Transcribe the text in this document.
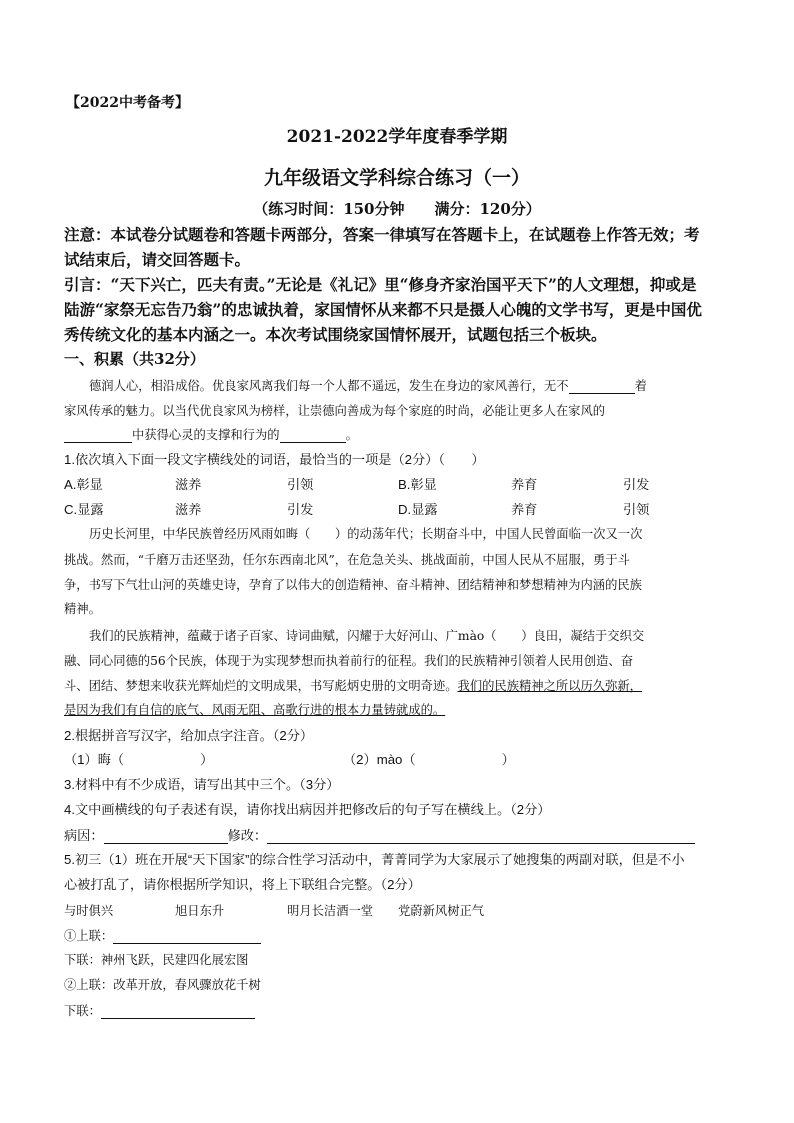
【2022中考备考】
2021-2022学年度春季学期
九年级语文学科综合练习（一）
（练习时间：150分钟　　满分：120分）
注意：本试卷分试题卷和答题卡两部分，答案一律填写在答题卡上，在试题卷上作答无效；考
试结束后，请交回答题卡。
引言：“天下兴亡，匹夫有责。”无论是《礼记》里“修身齐家治国平天下”的人文理想，抑或是
陆游“家祭无忘告乃翁”的忠诚执着，家国情怀从来都不只是摄人心魄的文学书写，更是中国优
秀传统文化的基本内涵之一。本次考试围绕家国情怀展开，试题包括三个板块。
一、积累（共32分）
德润人心，相沿成俗。优良家风离我们每一个人都不遥远，发生在身边的家风善行，无不	着
家风传承的魅力。以当代优良家风为榜样，让崇德向善成为每个家庭的时尚，必能让更多人在家风的
中获得心灵的支撑和行为的	。
1.依次填入下面一段文字横线处的词语，最恰当的一项是（2分）（　　）
A.彰显	滋养	引领	B.彰显	养育	引发
C.显露	滋养	引发	D.显露	养育	引领
历史长河里，中华民族曾经历风雨如晦（　　）的动荡年代；长期奋斗中，中国人民曾面临一次又一次
挑战。然而，“千磨万击还坚劲，任尔东西南北风”，在危急关头、挑战面前，中国人民从不屈服，勇于斗
争，书写下气壮山河的英雄史诗，孕育了以伟大的创造精神、奋斗精神、团结精神和梦想精神为内涵的民族
精神。
我们的民族精神，蕴藏于诸子百家、诗词曲赋，闪耀于大好河山、广mào（　　）良田，凝结于交织交
融、同心同德的56个民族，体现于为实现梦想而执着前行的征程。我们的民族精神引领着人民用创造、奋
斗、团结、梦想来收获光辉灿烂的文明成果，书写彪炳史册的文明奇迹。我们的民族精神之所以历久弥新，
是因为我们有自信的底气、风雨无阻、高歌行进的根本力量铸就成的。
2.根据拼音写汉字，给加点字注音。（2分）
（1）晦（	）	（2）mào（	）
3.材料中有不少成语，请写出其中三个。（3分）
4.文中画横线的句子表述有误，请你找出病因并把修改后的句子写在横线上。（2分）
病因：	修改：
5.初三（1）班在开展“天下国家”的综合性学习活动中，菁菁同学为大家展示了她搜集的两副对联，但是不小
心被打乱了，请你根据所学知识，将上下联组合完整。（2分）
与时俱兴	旭日东升	明月长洁酒一堂 党蔚新风树正气
①上联：
下联：神州飞跃，民建四化展宏图
②上联：改革开放，春风骤放花千树
下联：
